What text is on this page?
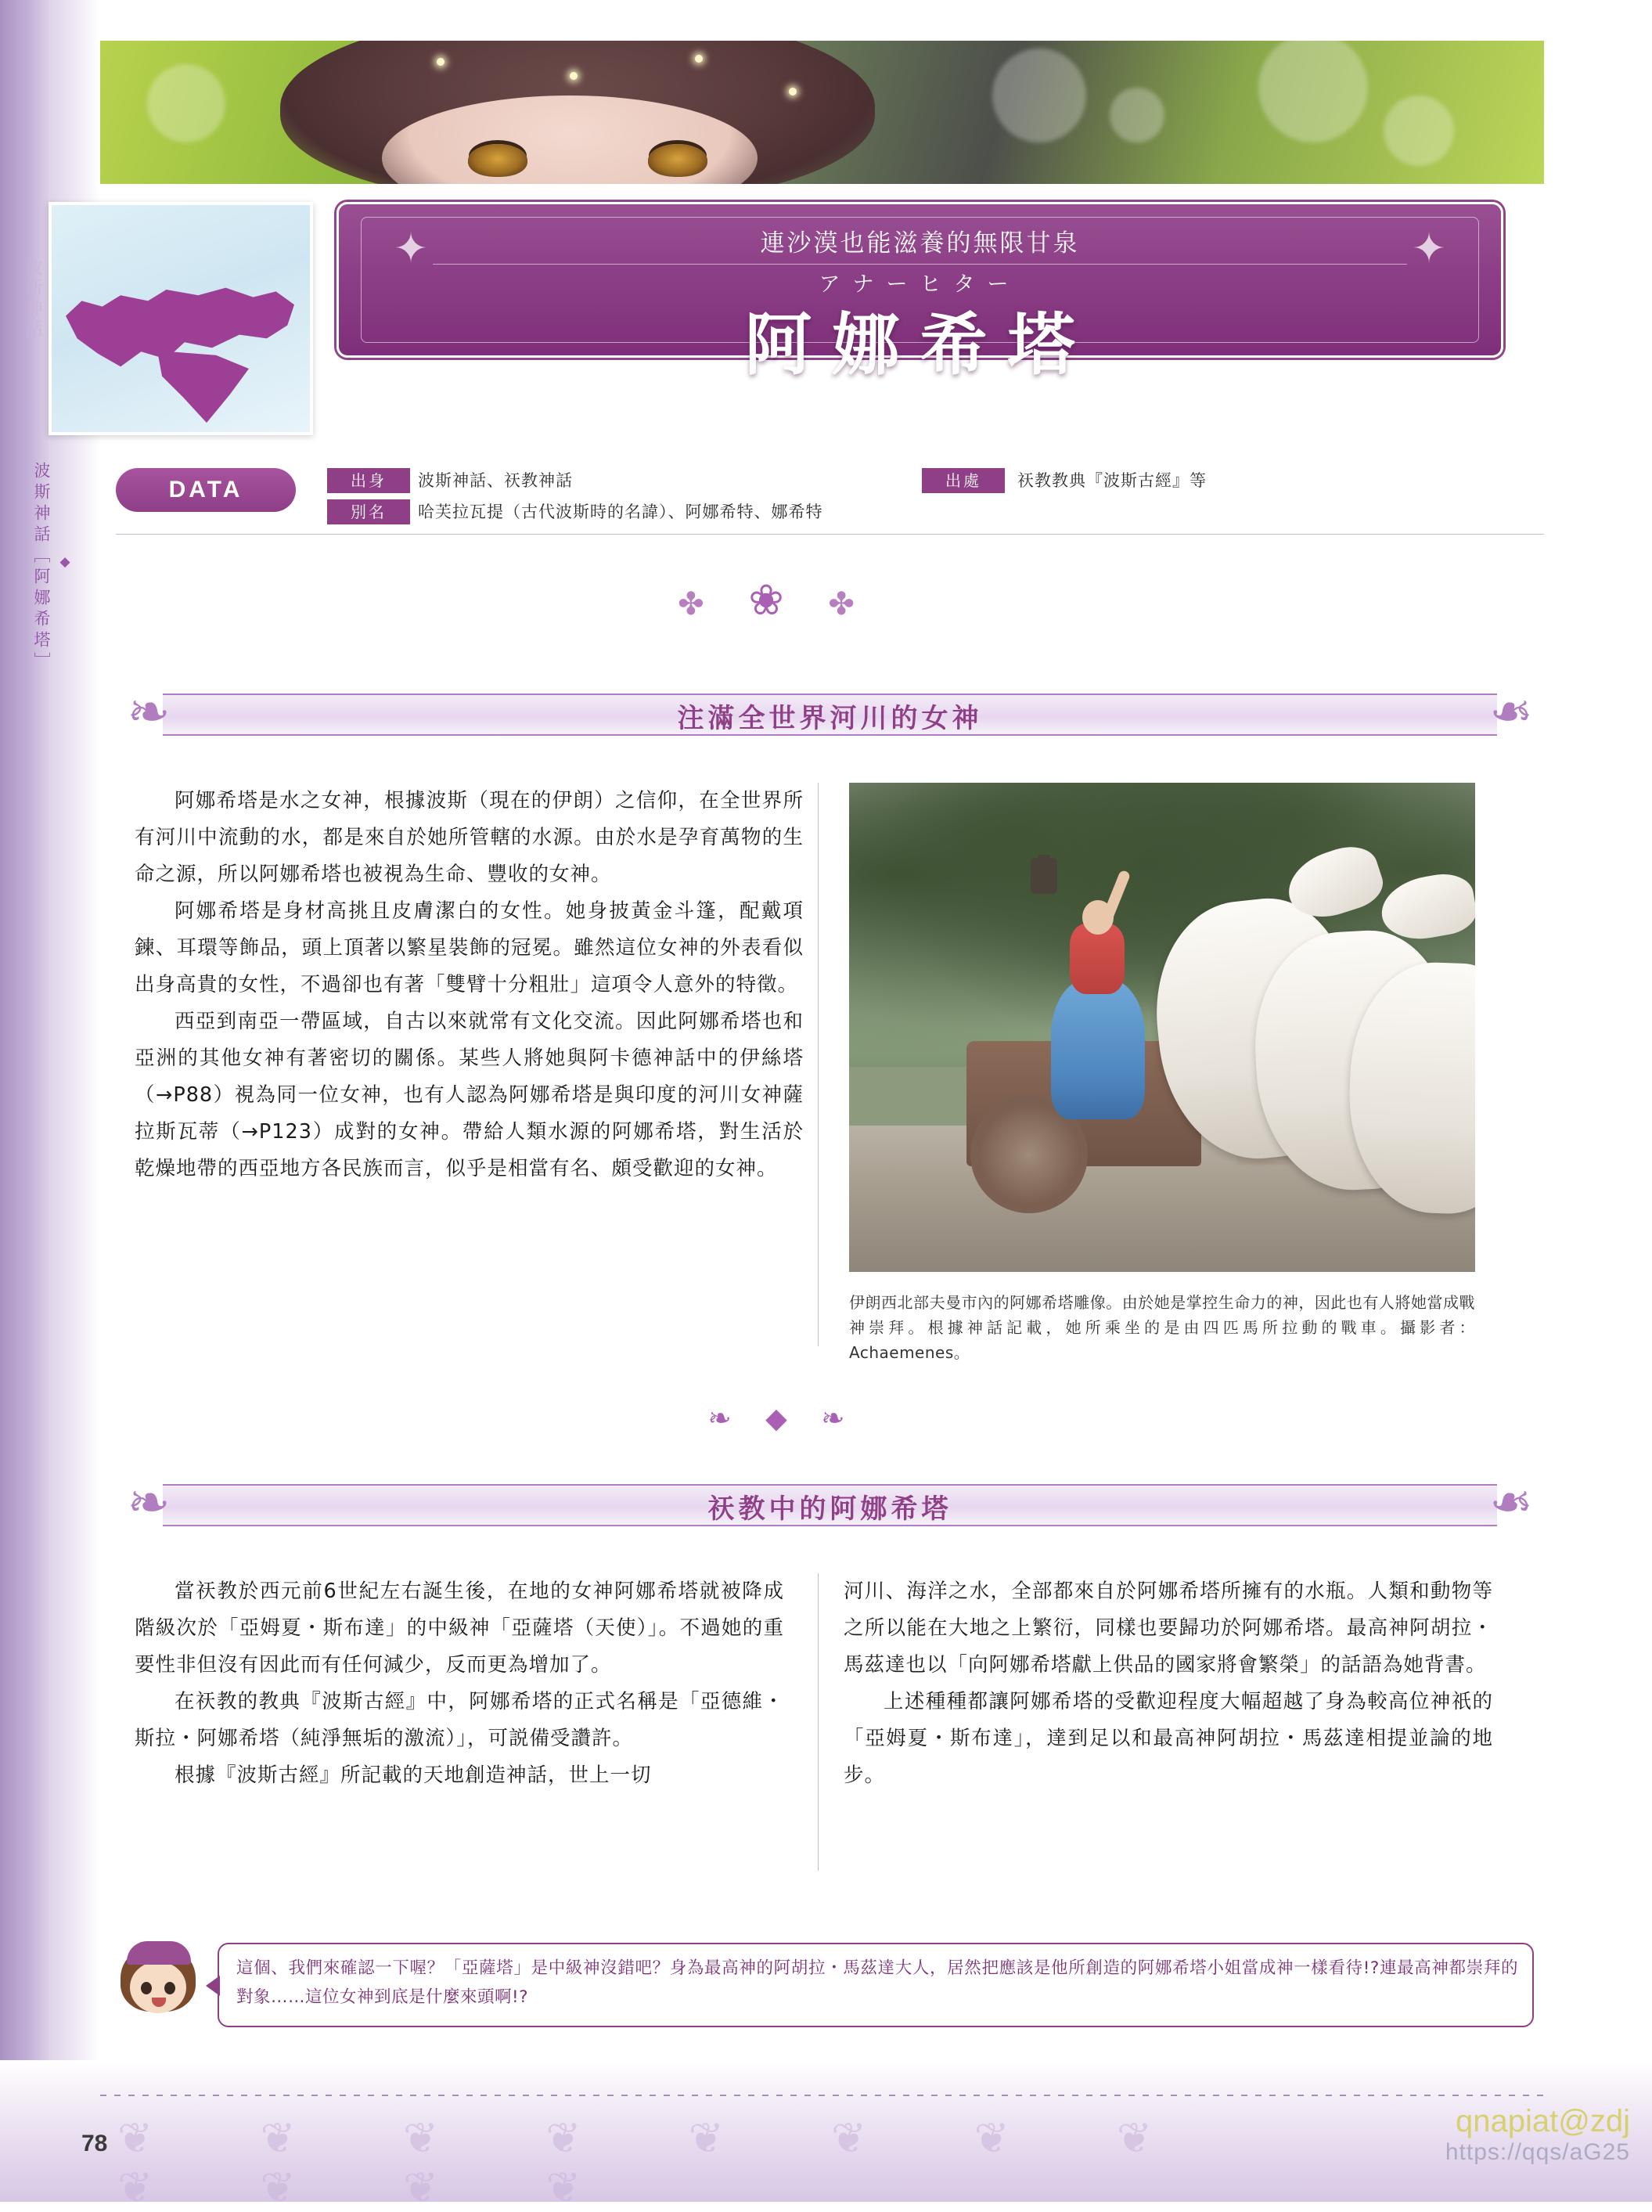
波斯神話
◆
波斯神話［阿娜希塔］
✦	✦
連沙漠也能滋養的無限甘泉
アナーヒター
阿娜希塔
DATA	出身	波斯神話、祆教神話
別名	哈芙拉瓦提（古代波斯時的名諱）、阿娜希特、娜希特
出處	祆教教典『波斯古經』等
✤ ❀ ✤
❧	❧
注滿全世界河川的女神

阿娜希塔是水之女神，根據波斯（現在的伊朗）之信仰，在全世界所有河川中流動的水，都是來自於她所管轄的水源。由於水是孕育萬物的生命之源，所以阿娜希塔也被視為生命、豐收的女神。

阿娜希塔是身材高挑且皮膚潔白的女性。她身披黃金斗篷，配戴項鍊、耳環等飾品，頭上頂著以繁星裝飾的冠冕。雖然這位女神的外表看似出身高貴的女性，不過卻也有著「雙臂十分粗壯」這項令人意外的特徵。

西亞到南亞一帶區域，自古以來就常有文化交流。因此阿娜希塔也和亞洲的其他女神有著密切的關係。某些人將她與阿卡德神話中的伊絲塔（→P88）視為同一位女神，也有人認為阿娜希塔是與印度的河川女神薩拉斯瓦蒂（→P123）成對的女神。帶給人類水源的阿娜希塔，對生活於乾燥地帶的西亞地方各民族而言，似乎是相當有名、頗受歡迎的女神。

伊朗西北部夫曼市內的阿娜希塔雕像。由於她是掌控生命力的神，因此也有人將她當成戰神崇拜。根據神話記載，她所乘坐的是由四匹馬所拉動的戰車。攝影者：Achaemenes。
❧ ◆ ❧
❧	❧
祆教中的阿娜希塔

當祆教於西元前6世紀左右誕生後，在地的女神阿娜希塔就被降成階級次於「亞姆夏・斯布達」的中級神「亞薩塔（天使）」。不過她的重要性非但沒有因此而有任何減少，反而更為增加了。

在祆教的教典『波斯古經』中，阿娜希塔的正式名稱是「亞德維・斯拉・阿娜希塔（純淨無垢的激流）」，可説備受讚許。

根據『波斯古經』所記載的天地創造神話，世上一切

河川、海洋之水，全部都來自於阿娜希塔所擁有的水瓶。人類和動物等之所以能在大地之上繁衍，同樣也要歸功於阿娜希塔。最高神阿胡拉・馬茲達也以「向阿娜希塔獻上供品的國家將會繁榮」的話語為她背書。

上述種種都讓阿娜希塔的受歡迎程度大幅超越了身為較高位神祇的「亞姆夏・斯布達」，達到足以和最高神阿胡拉・馬茲達相提並論的地步。

這個、我們來確認一下喔？「亞薩塔」是中級神沒錯吧？身為最高神的阿胡拉・馬茲達大人，居然把應該是他所創造的阿娜希塔小姐當成神一樣看待!?連最高神都崇拜的對象……這位女神到底是什麼來頭啊!?
❦ ❦ ❦ ❦ ❦ ❦ ❦ ❦ ❦ ❦ ❦ ❦
78
qnapiat@zdj
https://qqs/aG25
